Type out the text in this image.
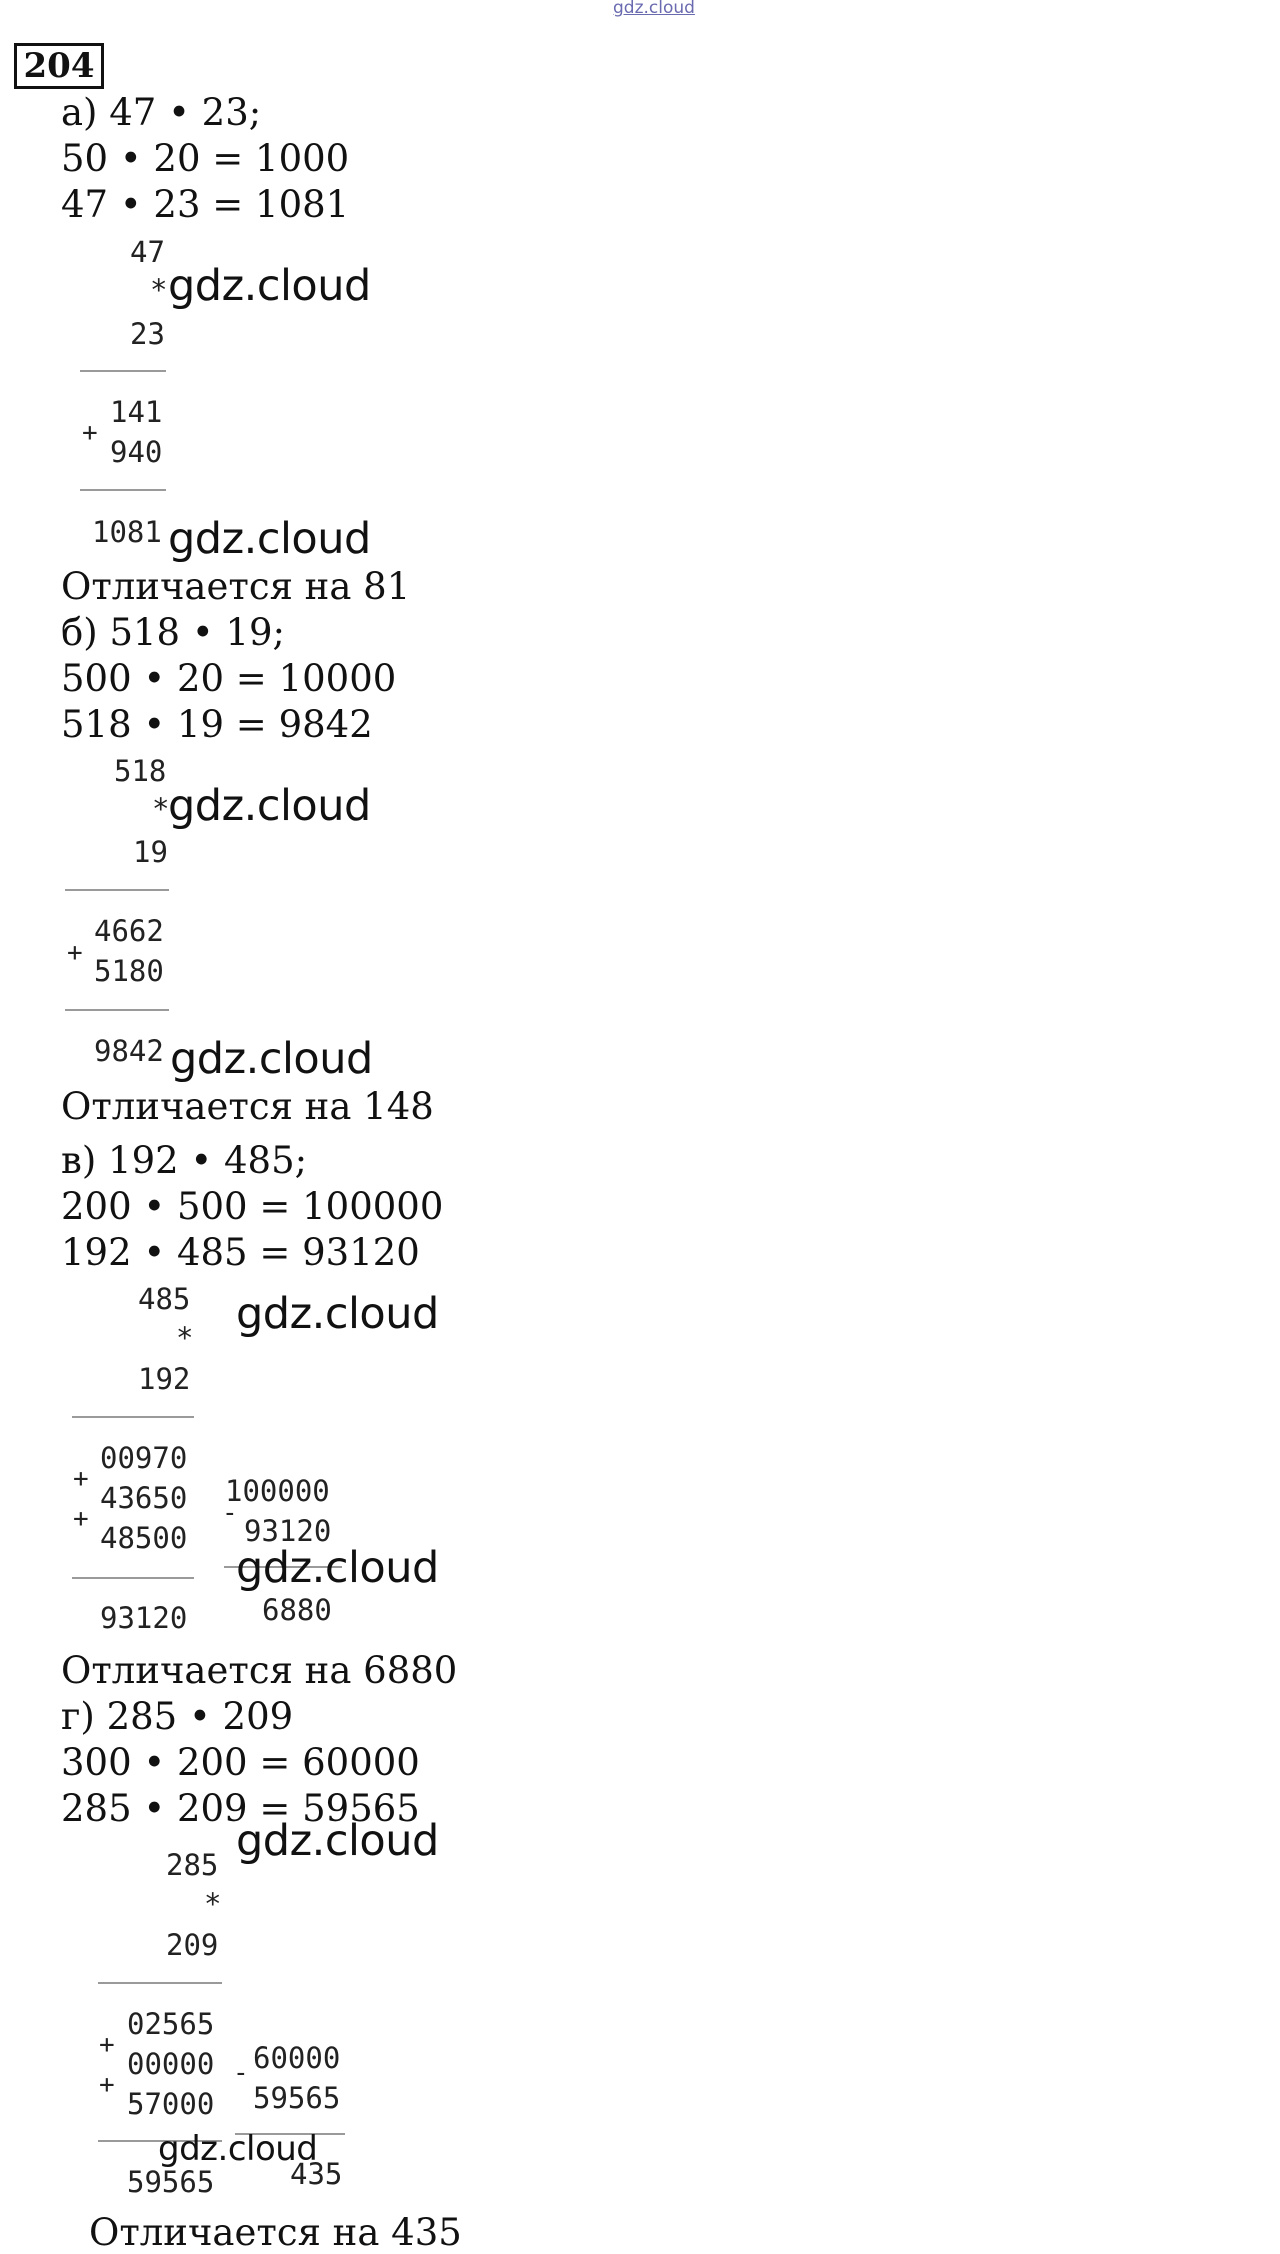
gdz.cloud
204
а) 47 • 23;
50 • 20 = 1000
47 • 23 = 1081
47
* gdz.cloud
23
+
141
940
1081 gdz.cloud
Отличается на 81
б) 518 • 19;
500 • 20 = 10000
518 • 19 = 9842
518
*
gdz.cloud
19
+
4662
5180
9842 gdz.cloud
Отличается на 148
в) 192 • 485;
200 • 500 = 100000
192 • 485 = 93120
485 gdz.cloud
*
192
00970
+
43650
+
48500
93120
100000
-
93120
gdz.cloud
6880
Отличается на 6880
г) 285 • 209
300 • 200 = 60000
285 • 209 = 59565
gdz.cloud
285
*
209
02565
+
00000
+
57000
59565
60000
-
59565
gdz.cloud
435
Отличается на 435
